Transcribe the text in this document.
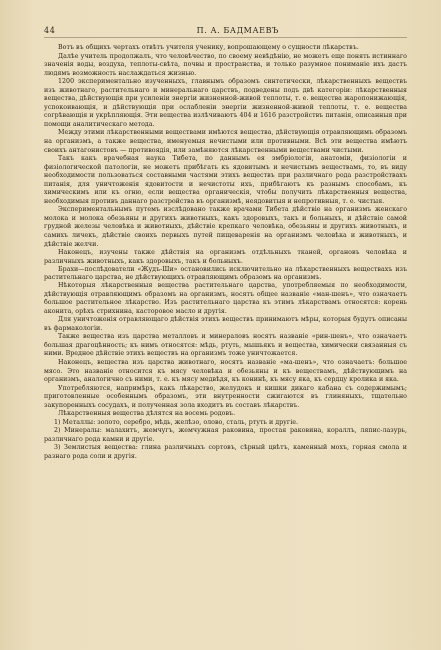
44	П. А. БАДМАЕВЪ

Вотъ въ общихъ чертахъ отвѣтъ учителя ученику, вопрошающему о сущности лѣкарствъ.

Далѣе учитель продолжалъ, что человѣчество, по своему невѣдѣнію, не можетъ еще понять истиннаго значенія воды, воздуха, теплоты-свѣта, почвы и пространства, и только разумное пониманіе ихъ дастъ людямъ возможность наслаждаться жизнью.

1200 экспериментально изученныхъ, главнымъ образомъ синтетически, лѣкарственныхъ веществъ изъ животнаго, растительнаго и минеральнаго царствъ, подведены подъ двѣ категоріи: лѣкарственныя вещества, дѣйствующія при усиленіи энергіи жизненной-живой теплоты, т. е. вещества жаропонижающія, успокоивающія, и дѣйствующія при ослабленіи энергіи жизненной-живой теплоты, т. е. вещества согрѣвающія и укрѣпляющія. Эти вещества излѣчиваютъ 404 и 1616 разстройствъ питанія, описанныя при помощи аналитическаго метода.

Между этими лѣкарственными веществами имѣются вещества, дѣйствующія отравляющимъ образомъ на организмъ, а также вещества, именуемыя нечистыми или противными. Всѣ эти вещества имѣютъ своихъ антагонистовъ — противоядія, или замѣняются лѣкарственными веществами чистыми.

Такъ какъ врачебная наука Тибета, по даннымъ ея эмбріологіи, анатоміи, физіологіи и физіологической патологіи, не можетъ прибѣгать къ ядовитымъ и нечистымъ веществамъ, то, въ виду необходимости пользоваться составными частями этихъ веществъ при различнаго рода разстройствахъ питанія, для уничтоженія ядовитости и нечистоты ихъ, прибѣгаютъ къ разнымъ способамъ, къ химическимъ или къ огню, если вещества органическія, чтобы получить лѣкарственныя вещества, необходимыя противъ даннаго разстройства въ организмѣ, неядовитыя и непротивныя, т. е. чистыя.

Экспериментальнымъ путемъ изслѣдовано также врачами Тибета дѣйствіе на организмъ женскаго молока и молока обезьяны и другихъ животныхъ, какъ здоровыхъ, такъ и больныхъ, и дѣйствіе самой грудной железы человѣка и животныхъ, дѣйствіе крепкаго человѣка, обезьяны и другихъ животныхъ, и самихъ личекъ, дѣйствіе своихъ первыхъ путей пищеваренія на организмъ человѣка и животныхъ, и дѣйствіе желчи.

Наконецъ, изучены также дѣйствія на организмъ отдѣльныхъ тканей, органовъ человѣка и различныхъ животныхъ, какъ здоровыхъ, такъ и больныхъ.

Брахи—послѣдователи «Жудъ-Ши» остановились исключительно на лѣкарственныхъ веществахъ изъ растительнаго царства, не дѣйствующихъ отравляющимъ образомъ на организмъ.

Нѣкоторыя лѣкарственныя вещества растительнаго царства, употребляемыя по необходимости, дѣйствующія отравляющимъ образомъ на организмъ, носятъ общее названіе «ман-шенъ», что означаетъ большое растительное лѣкарство. Изъ растительнаго царства къ этимъ лѣкарствамъ относятся: корень аконита, орѣхъ стрихнина, касторовое масло и другія.

Для уничтоженія отравляющаго дѣйствія этихъ веществъ принимаютъ мѣры, которыя будутъ описаны въ фармакологіи.

Также вещества изъ царства металловъ и минераловъ носятъ названіе «рин-шенъ», что означаетъ большая драгоцѣнность; къ нимъ относятся: мѣдь, ртуть, мышьякъ и вещества, химически связанныя съ ними. Вредное дѣйствіе этихъ веществъ на организмъ тоже уничтожается.

Наконецъ, вещества изъ царства животнаго, носятъ названіе «ма-шенъ», что означаетъ: большое мясо. Это названіе относится къ мясу человѣка и обезьяны и къ веществамъ, дѣйствующимъ на организмъ, аналогично съ ними, т. е. къ мясу медвѣдя, къ конинѣ, къ мясу яка, къ сердцу кролика и яка.

Употребляются, напримѣръ, какъ лѣкарство, желудокъ и кишки дикаго кабана съ содержимымъ; приготовленные особеннымъ образомъ, эти внутренности сжигаются въ глиняныхъ, тщательно закупоренныхъ сосудахъ, и полученная зола входитъ въ составъ лѣкарствъ.

Лѣкарственныя вещества дѣлятся на восемь родовъ.

1) Металлы: золото, серебро, мѣдь, желѣзо, олово, сталь, ртуть и другіе.

2) Минералы: малахитъ, жемчугъ, жемчужная раковина, простая раковина, кораллъ, ляпис-лазурь, различнаго рода камни и другіе.

3) Землистыя вещества: глина различныхъ сортовъ, сѣрный цвѣтъ, каменный мохъ, горная смола и разнаго рода соли и другія.
